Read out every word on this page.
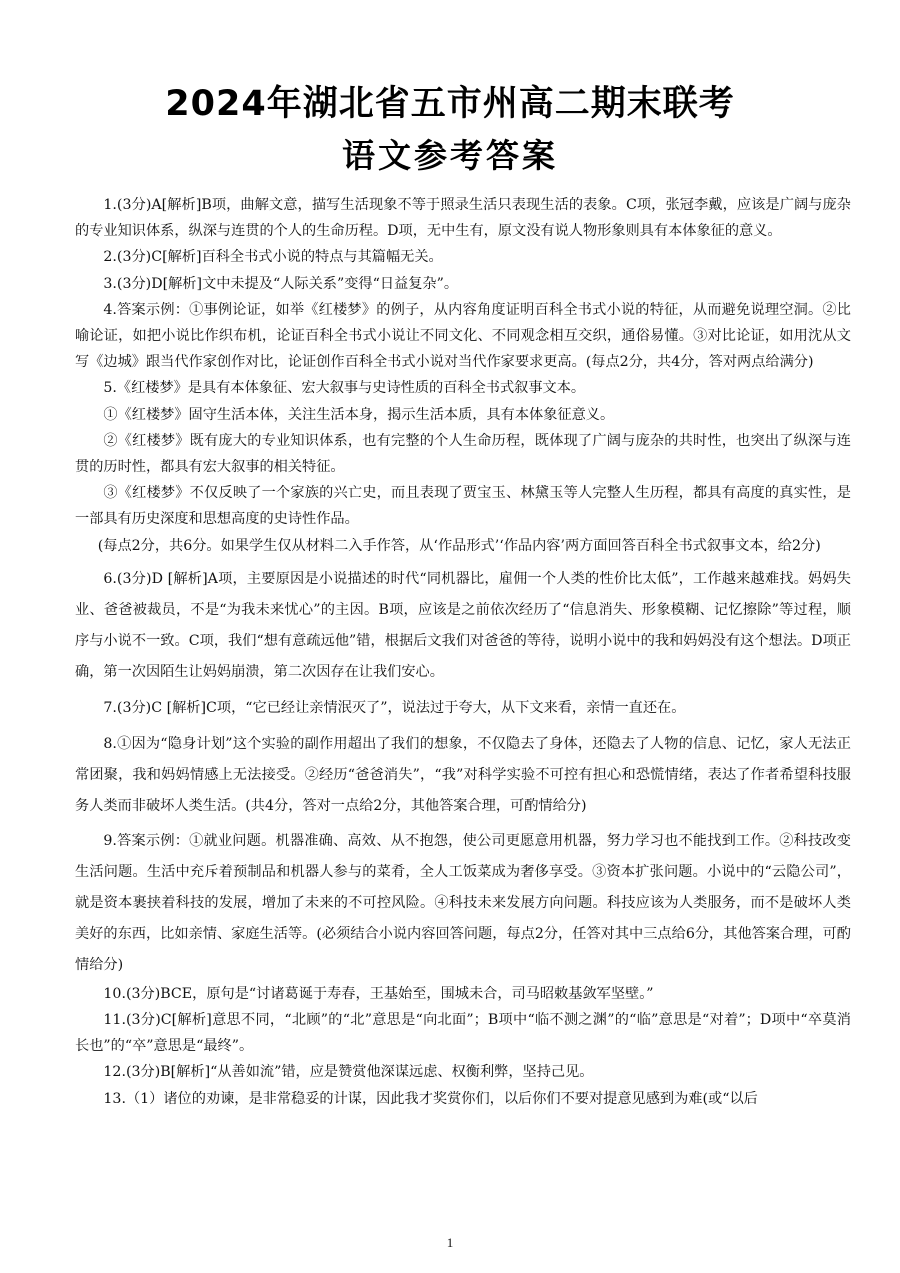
2024年湖北省五市州高二期末联考
语文参考答案

1.(3分)A[解析]B项，曲解文意，描写生活现象不等于照录生活只表现生活的表象。C项，张冠李戴，应该是广阔与庞杂的专业知识体系，纵深与连贯的个人的生命历程。D项，无中生有，原文没有说人物形象则具有本体象征的意义。

2.(3分)C[解析]百科全书式小说的特点与其篇幅无关。

3.(3分)D[解析]文中未提及“人际关系”变得“日益复杂”。

4.答案示例：①事例论证，如举《红楼梦》的例子，从内容角度证明百科全书式小说的特征，从而避免说理空洞。②比喻论证，如把小说比作织布机，论证百科全书式小说让不同文化、不同观念相互交织，通俗易懂。③对比论证，如用沈从文写《边城》跟当代作家创作对比，论证创作百科全书式小说对当代作家要求更高。(每点2分，共4分，答对两点给满分)

5.《红楼梦》是具有本体象征、宏大叙事与史诗性质的百科全书式叙事文本。

①《红楼梦》固守生活本体，关注生活本身，揭示生活本质，具有本体象征意义。

②《红楼梦》既有庞大的专业知识体系，也有完整的个人生命历程，既体现了广阔与庞杂的共时性，也突出了纵深与连贯的历时性，都具有宏大叙事的相关特征。

③《红楼梦》不仅反映了一个家族的兴亡史，而且表现了贾宝玉、林黛玉等人完整人生历程，都具有高度的真实性，是一部具有历史深度和思想高度的史诗性作品。

(每点2分，共6分。如果学生仅从材料二入手作答，从‘作品形式’‘作品内容’两方面回答百科全书式叙事文本，给2分)

6.(3分)D [解析]A项，主要原因是小说描述的时代“同机器比，雇佣一个人类的性价比太低”，工作越来越难找。妈妈失业、爸爸被裁员，不是“为我未来忧心”的主因。B项，应该是之前依次经历了“信息消失、形象模糊、记忆擦除”等过程，顺序与小说不一致。C项，我们“想有意疏远他”错，根据后文我们对爸爸的等待，说明小说中的我和妈妈没有这个想法。D项正确，第一次因陌生让妈妈崩溃，第二次因存在让我们安心。

7.(3分)C [解析]C项，“它已经让亲情泯灭了”，说法过于夸大，从下文来看，亲情一直还在。

8.①因为“隐身计划”这个实验的副作用超出了我们的想象，不仅隐去了身体，还隐去了人物的信息、记忆，家人无法正常团聚，我和妈妈情感上无法接受。②经历“爸爸消失”，“我”对科学实验不可控有担心和恐慌情绪，表达了作者希望科技服务人类而非破坏人类生活。(共4分，答对一点给2分，其他答案合理，可酌情给分)

9.答案示例：①就业问题。机器准确、高效、从不抱怨，使公司更愿意用机器，努力学习也不能找到工作。②科技改变生活问题。生活中充斥着预制品和机器人参与的菜肴，全人工饭菜成为奢侈享受。③资本扩张问题。小说中的“云隐公司”，就是资本裹挟着科技的发展，增加了未来的不可控风险。④科技未来发展方向问题。科技应该为人类服务，而不是破坏人类美好的东西，比如亲情、家庭生活等。(必须结合小说内容回答问题，每点2分，任答对其中三点给6分，其他答案合理，可酌情给分)

10.(3分)BCE，原句是“讨诸葛诞于寿春，王基始至，围城未合，司马昭敕基敛军坚壁。”

11.(3分)C[解析]意思不同，“北顾”的“北”意思是“向北面”；B项中“临不测之渊”的“临”意思是“对着”；D项中“卒莫消长也”的“卒”意思是“最终”。

12.(3分)B[解析]“从善如流”错，应是赞赏他深谋远虑、权衡利弊，坚持己见。

13.（1）诸位的劝谏，是非常稳妥的计谋，因此我才奖赏你们，以后你们不要对提意见感到为难(或“以后

1
